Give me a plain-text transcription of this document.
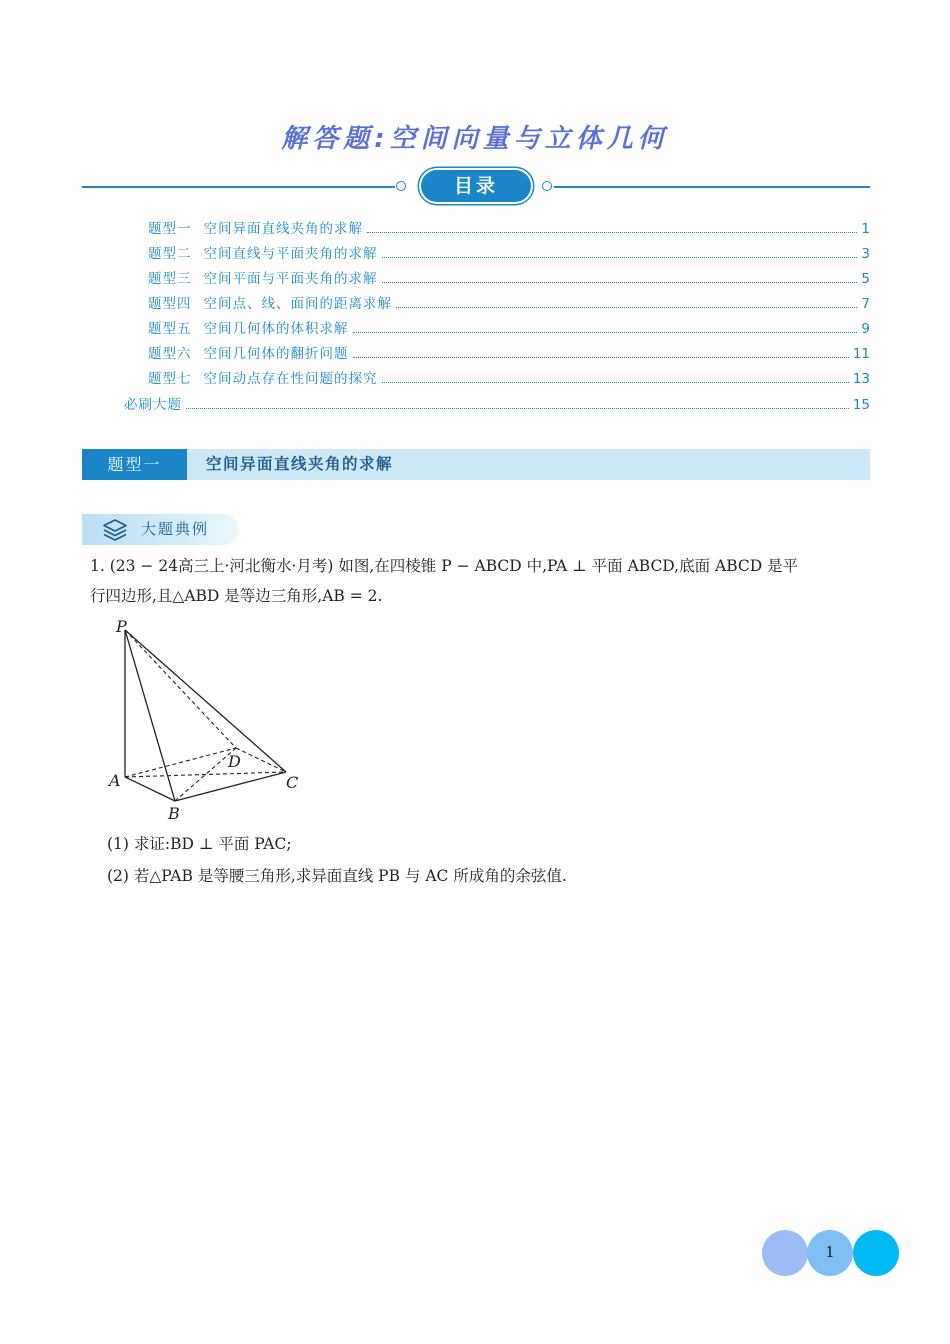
解答题:空间向量与立体几何
目录
题型一 空间异面直线夹角的求解	1
题型二 空间直线与平面夹角的求解	3
题型三 空间平面与平面夹角的求解	5
题型四 空间点、线、面间的距离求解	7
题型五 空间几何体的体积求解	9
题型六 空间几何体的翻折问题	11
题型七 空间动点存在性问题的探究	13
必刷大题	15
题型一	空间异面直线夹角的求解
大题典例
1. (23 − 24高三上·河北衡水·月考) 如图,在四棱锥 P − ABCD 中,PA ⊥ 平面 ABCD,底面 ABCD 是平
行四边形,且△ABD 是等边三角形,AB = 2.
P
A
B
C
D
(1) 求证:BD ⊥ 平面 PAC;
(2) 若△PAB 是等腰三角形,求异面直线 PB 与 AC 所成角的余弦值.
1
